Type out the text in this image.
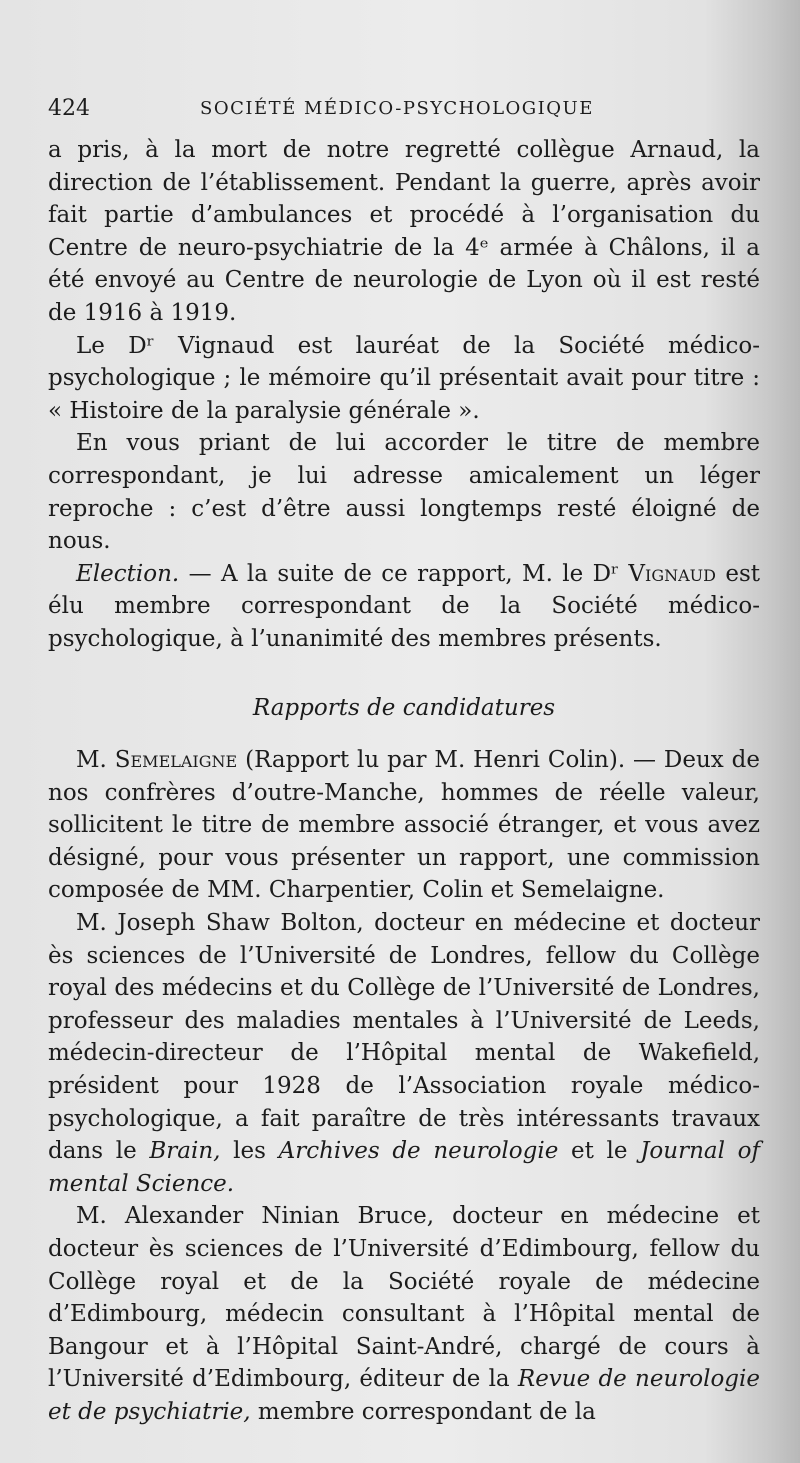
424	SOCIÉTÉ MÉDICO-PSYCHOLOGIQUE

a pris, à la mort de notre regretté collègue Arnaud, la direction de l’établissement. Pendant la guerre, après avoir fait partie d’ambulances et procédé à l’organisation du Centre de neuro-psychiatrie de la 4ᵉ armée à Châlons, il a été envoyé au Centre de neurologie de Lyon où il est resté de 1916 à 1919.

Le Dʳ Vignaud est lauréat de la Société médico-psychologique ; le mémoire qu’il présentait avait pour titre : « Histoire de la paralysie générale ».

En vous priant de lui accorder le titre de membre correspondant, je lui adresse amicalement un léger reproche : c’est d’être aussi longtemps resté éloigné de nous.

Election. — A la suite de ce rapport, M. le Dʳ Vignaud est élu membre correspondant de la Société médico-psychologique, à l’unanimité des membres présents.

Rapports de candidatures

M. Semelaigne (Rapport lu par M. Henri Colin). — Deux de nos confrères d’outre-Manche, hommes de réelle valeur, sollicitent le titre de membre associé étranger, et vous avez désigné, pour vous présenter un rapport, une commission composée de MM. Charpentier, Colin et Semelaigne.

M. Joseph Shaw Bolton, docteur en médecine et docteur ès sciences de l’Université de Londres, fellow du Collège royal des médecins et du Collège de l’Université de Londres, professeur des maladies mentales à l’Université de Leeds, médecin-directeur de l’Hôpital mental de Wakefield, président pour 1928 de l’Association royale médico-psychologique, a fait paraître de très intéressants travaux dans le Brain, les Archives de neurologie et le Journal of mental Science.

M. Alexander Ninian Bruce, docteur en médecine et docteur ès sciences de l’Université d’Edimbourg, fellow du Collège royal et de la Société royale de médecine d’Edimbourg, médecin consultant à l’Hôpital mental de Bangour et à l’Hôpital Saint-André, chargé de cours à l’Université d’Edimbourg, éditeur de la Revue de neurologie et de psychiatrie, membre correspondant de la
